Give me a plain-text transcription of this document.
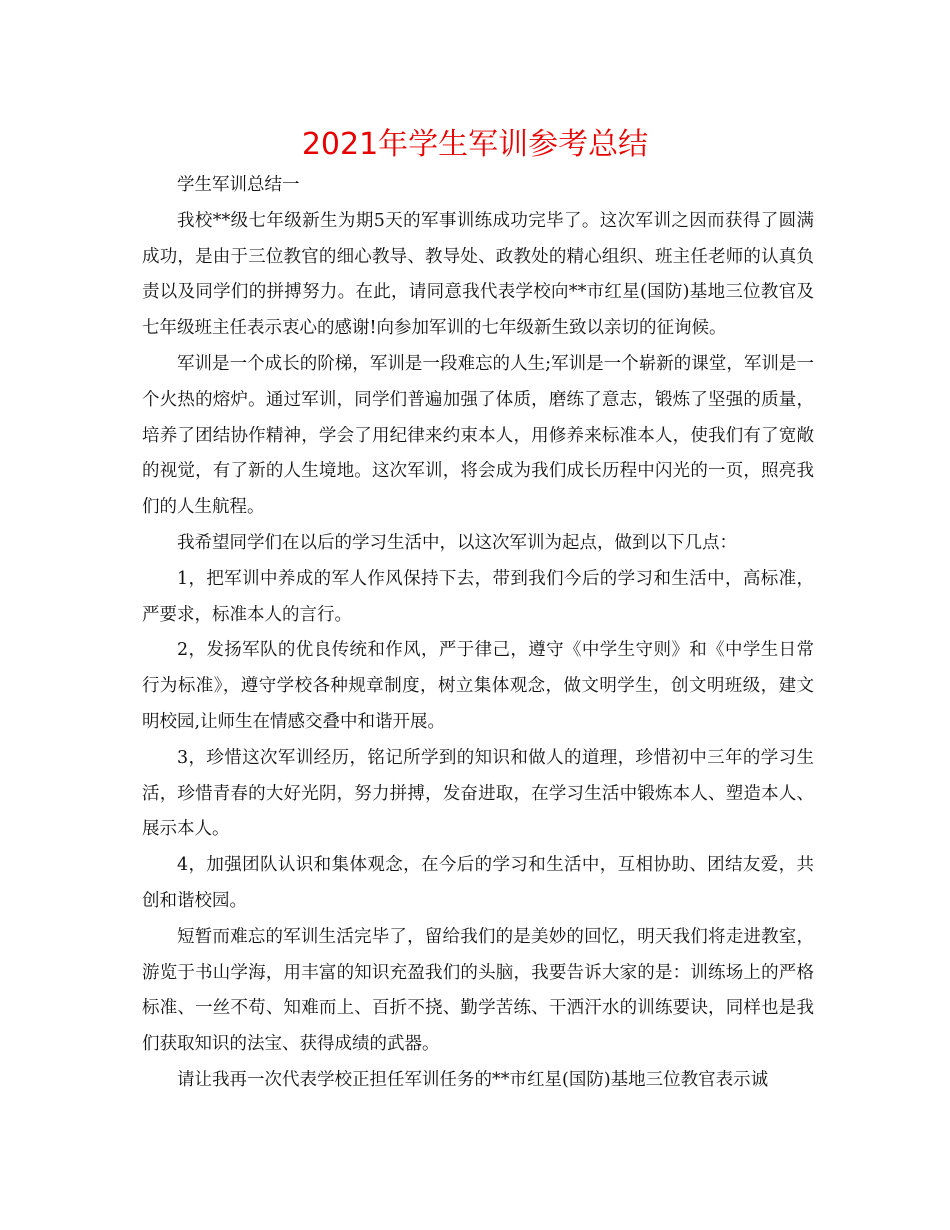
2021年学生军训参考总结

学生军训总结一

我校**级七年级新生为期5天的军事训练成功完毕了。这次军训之因而获得了圆满成功，是由于三位教官的细心教导、教导处、政教处的精心组织、班主任老师的认真负责以及同学们的拼搏努力。在此，请同意我代表学校向**市红星(国防)基地三位教官及七年级班主任表示衷心的感谢!向参加军训的七年级新生致以亲切的征询候。

军训是一个成长的阶梯，军训是一段难忘的人生;军训是一个崭新的课堂，军训是一个火热的熔炉。通过军训，同学们普遍加强了体质，磨练了意志，锻炼了坚强的质量，培养了团结协作精神，学会了用纪律来约束本人，用修养来标准本人，使我们有了宽敞的视觉，有了新的人生境地。这次军训，将会成为我们成长历程中闪光的一页，照亮我们的人生航程。

我希望同学们在以后的学习生活中，以这次军训为起点，做到以下几点：

1，把军训中养成的军人作风保持下去，带到我们今后的学习和生活中，高标准，严要求，标准本人的言行。

2，发扬军队的优良传统和作风，严于律己，遵守《中学生守则》和《中学生日常行为标准》，遵守学校各种规章制度，树立集体观念，做文明学生，创文明班级，建文明校园,让师生在情感交叠中和谐开展。

3，珍惜这次军训经历，铭记所学到的知识和做人的道理，珍惜初中三年的学习生活，珍惜青春的大好光阴，努力拼搏，发奋进取，在学习生活中锻炼本人、塑造本人、展示本人。

4，加强团队认识和集体观念，在今后的学习和生活中，互相协助、团结友爱，共创和谐校园。

短暂而难忘的军训生活完毕了，留给我们的是美妙的回忆，明天我们将走进教室，游览于书山学海，用丰富的知识充盈我们的头脑，我要告诉大家的是：训练场上的严格标准、一丝不苟、知难而上、百折不挠、勤学苦练、干洒汗水的训练要诀，同样也是我们获取知识的法宝、获得成绩的武器。

请让我再一次代表学校正担任军训任务的**市红星(国防)基地三位教官表示诚
